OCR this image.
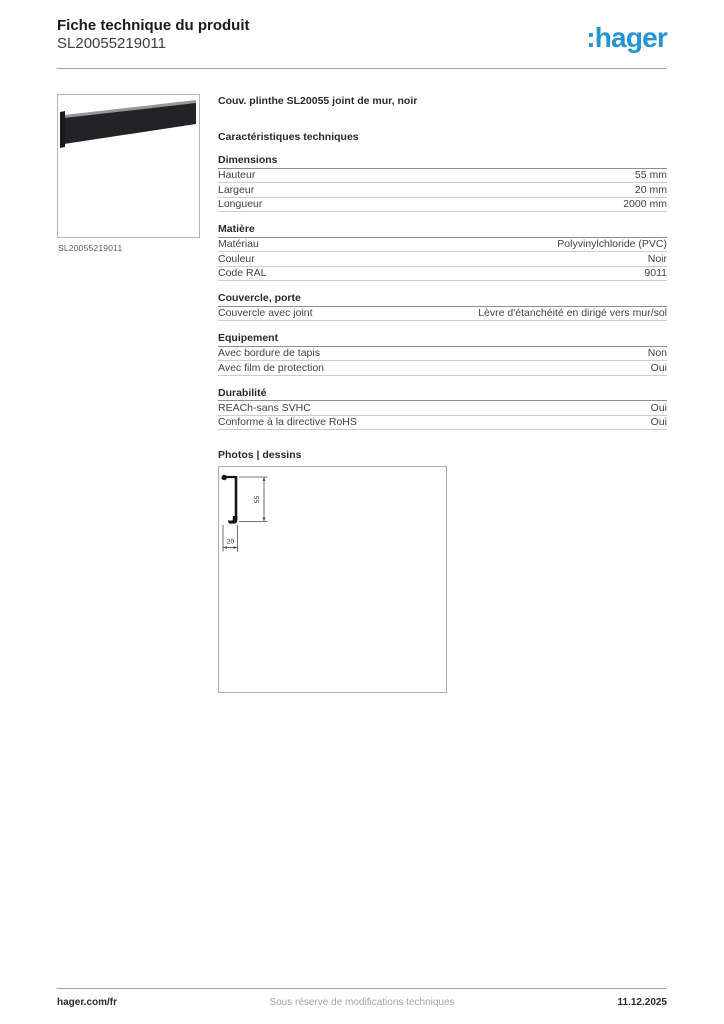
Fiche technique du produit
SL20055219011	:hager
SL20055219011
Couv. plinthe SL20055 joint de mur, noir
Caractéristiques techniques
Dimensions
Hauteur	55 mm
Largeur	20 mm
Longueur	2000 mm
Matière
Matériau	Polyvinylchloride (PVC)
Couleur	Noir
Code RAL	9011
Couvercle, porte
Couvercle avec joint	Lèvre d'étanchéité en dirigé vers mur/sol
Equipement
Avec bordure de tapis	Non
Avec film de protection	Oui
Durabilité
REACh-sans SVHC	Oui
Conforme à la directive RoHS	Oui
Photos | dessins
55
20
hager.com/fr	Sous réserve de modifications techniques	11.12.2025
